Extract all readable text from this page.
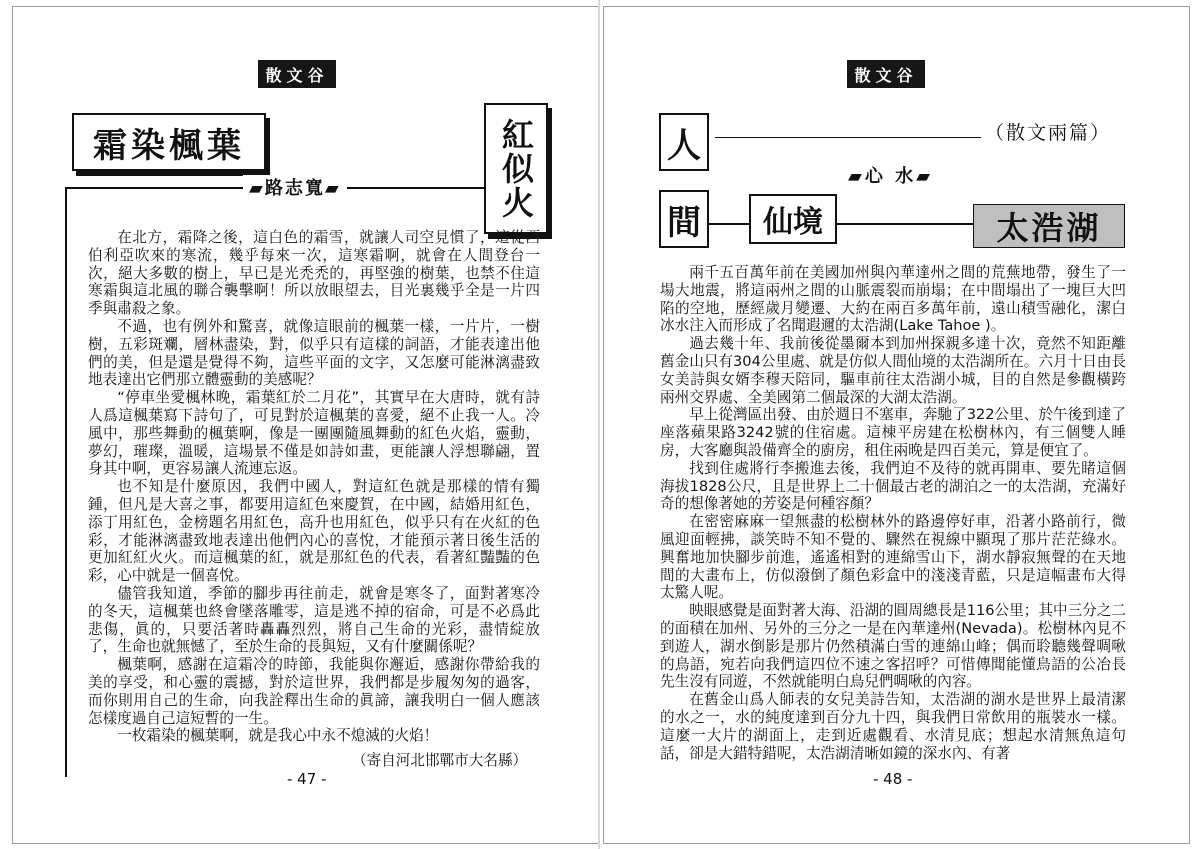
散文谷
霜染楓葉	紅似火
▰路志寬▰

在北方，霜降之後，這白色的霜雪，就讓人司空見慣了，這從西伯利亞吹來的寒流，幾乎每來一次，這寒霜啊，就會在人間登台一次，絕大多數的樹上，早已是光禿禿的，再堅強的樹葉，也禁不住這寒霜與這北風的聯合襲擊啊！所以放眼望去，目光裏幾乎全是一片四季與肅殺之象。

不過，也有例外和驚喜，就像這眼前的楓葉一樣，一片片，一樹樹，五彩斑斕，層林盡染，對，似乎只有這樣的詞語，才能表達出他們的美，但是還是覺得不夠，這些平面的文字，又怎麼可能淋漓盡致地表達出它們那立體靈動的美感呢？

“停車坐愛楓林晚，霜葉紅於二月花”，其實早在大唐時，就有詩人爲這楓葉寫下詩句了，可見對於這楓葉的喜愛，絕不止我一人。冷風中，那些舞動的楓葉啊，像是一團團隨風舞動的紅色火焰，靈動，夢幻，璀璨，溫暖，這場景不僅是如詩如畫，更能讓人浮想聯翩，置身其中啊，更容易讓人流連忘返。

也不知是什麼原因，我們中國人，對這紅色就是那樣的情有獨鍾，但凡是大喜之事，都要用這紅色來慶賀，在中國，結婚用紅色，添丁用紅色，金榜題名用紅色，高升也用紅色，似乎只有在火紅的色彩，才能淋漓盡致地表達出他們內心的喜悅，才能預示著日後生活的更加紅紅火火。而這楓葉的紅，就是那紅色的代表，看著紅豔豔的色彩，心中就是一個喜悅。

儘管我知道，季節的腳步再往前走，就會是寒冬了，面對著寒冷的冬天，這楓葉也終會墜落雕零，這是逃不掉的宿命，可是不必爲此悲傷，眞的，只要活著時轟轟烈烈，將自己生命的光彩，盡情綻放了，生命也就無憾了，至於生命的長與短，又有什麼關係呢？

楓葉啊，感謝在這霜冷的時節，我能與你邂逅，感謝你帶給我的美的享受，和心靈的震撼，對於這世界，我們都是步履匆匆的過客，而你則用自己的生命，向我詮釋出生命的眞諦，讓我明白一個人應該怎樣度過自己這短暫的一生。

一枚霜染的楓葉啊，就是我心中永不熄滅的火焰！

（寄自河北邯鄲市大名縣）
- 47 -
散文谷
人
間	仙境	太浩湖
（散文兩篇）
▰心 水▰

兩千五百萬年前在美國加州與內華達州之間的荒蕪地帶，發生了一場大地震，將這兩州之間的山脈震裂而崩塌；在中間塌出了一塊巨大凹陷的空地，歷經歲月變遷、大約在兩百多萬年前，遠山積雪融化，潔白冰水注入而形成了名聞遐邇的太浩湖(Lake Tahoe )。

過去幾十年、我前後從墨爾本到加州探親多達十次，竟然不知距離舊金山只有304公里處、就是仿似人間仙境的太浩湖所在。六月十日由長女美詩與女婿李穆天陪同，驅車前往太浩湖小城，目的自然是參觀橫跨兩州交界處、全美國第二個最深的大湖太浩湖。

早上從灣區出發、由於週日不塞車，奔馳了322公里、於午後到達了座落蘋果路3242號的住宿處。這棟平房建在松樹林內，有三個雙人睡房，大客廳與設備齊全的廚房，租住兩晚是四百美元，算是便宜了。

找到住處將行李搬進去後，我們迫不及待的就再開車、要先睹這個海拔1828公尺，且是世界上二十個最古老的湖泊之一的太浩湖，充滿好奇的想像著她的芳姿是何種容顏？

在密密麻麻一望無盡的松樹林外的路邊停好車，沿著小路前行，微風迎面輕拂，談笑時不知不覺的、驟然在視線中顯現了那片茫茫綠水。興奮地加快腳步前進，遙遙相對的連綿雪山下，湖水靜寂無聲的在天地間的大畫布上，仿似潑倒了顏色彩盒中的淺淺青藍，只是這幅畫布大得太驚人呢。

映眼感覺是面對著大海、沿湖的圓周總長是116公里；其中三分之二的面積在加州、另外的三分之一是在內華達州(Nevada)。松樹林內見不到遊人，湖水倒影是那片仍然積滿白雪的連綿山峰；偶而聆聽幾聲啁啾的鳥語，宛若向我們這四位不速之客招呼？可惜傳聞能懂鳥語的公冶長先生沒有同遊，不然就能明白鳥兒們啁啾的內容。

在舊金山爲人師表的女兒美詩告知，太浩湖的湖水是世界上最清潔的水之一，水的純度達到百分九十四，與我們日常飲用的瓶裝水一樣。這麼一大片的湖面上，走到近處觀看、水清見底；想起水清無魚這句話，卻是大錯特錯呢，太浩湖清晰如鏡的深水內、有著

- 48 -
